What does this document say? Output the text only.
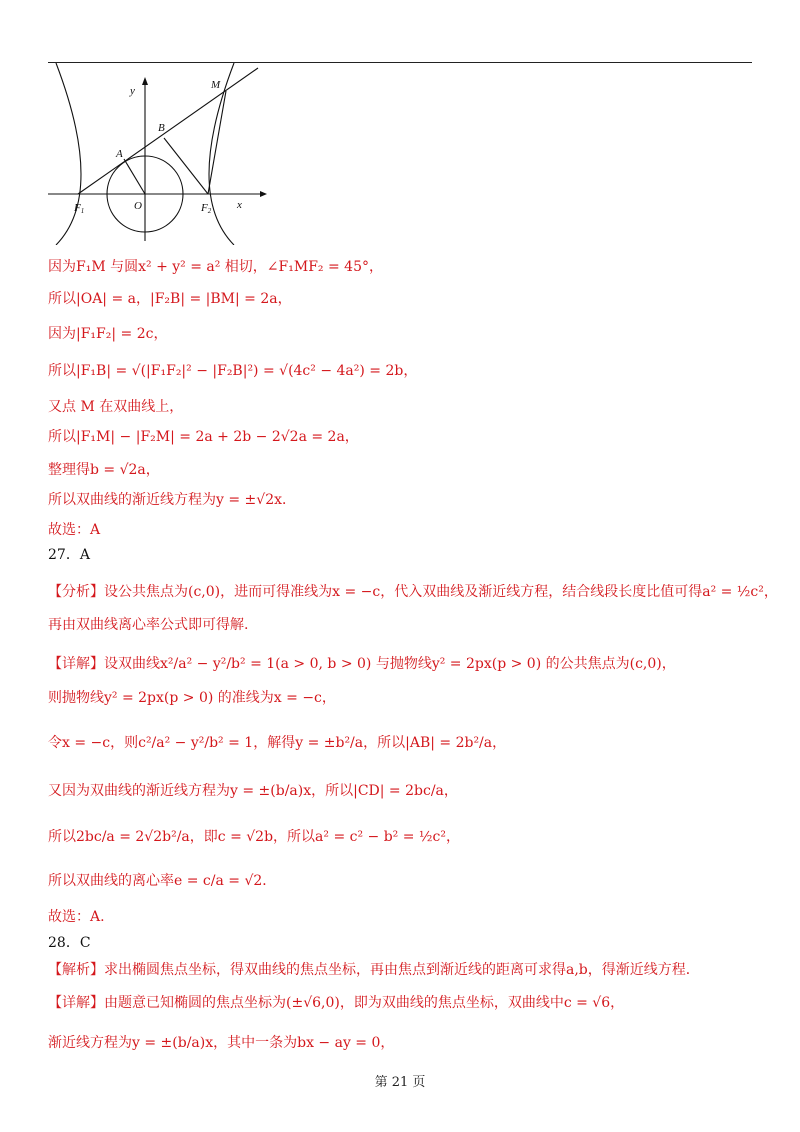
y	M
B
A
F1	O	F2 x
因为F₁M 与圆x² + y² = a² 相切，∠F₁MF₂ = 45°，
所以|OA| = a，|F₂B| = |BM| = 2a，
因为|F₁F₂| = 2c，
所以|F₁B| = √(|F₁F₂|² − |F₂B|²) = √(4c² − 4a²) = 2b，
又点 M 在双曲线上，
所以|F₁M| − |F₂M| = 2a + 2b − 2√2a = 2a，
整理得b = √2a，
所以双曲线的渐近线方程为y = ±√2x．
故选：A
27．A
【分析】设公共焦点为(c,0)，进而可得准线为x = −c，代入双曲线及渐近线方程，结合线段长度比值可得a² = ½c²，
再由双曲线离心率公式即可得解.
【详解】设双曲线x²/a² − y²/b² = 1(a > 0, b > 0) 与抛物线y² = 2px(p > 0) 的公共焦点为(c,0)，
则抛物线y² = 2px(p > 0) 的准线为x = −c，
令x = −c，则c²/a² − y²/b² = 1，解得y = ±b²/a，所以|AB| = 2b²/a，
又因为双曲线的渐近线方程为y = ±(b/a)x，所以|CD| = 2bc/a，
所以2bc/a = 2√2b²/a，即c = √2b，所以a² = c² − b² = ½c²，
所以双曲线的离心率e = c/a = √2．
故选：A.
28．C
【解析】求出椭圆焦点坐标，得双曲线的焦点坐标，再由焦点到渐近线的距离可求得a,b，得渐近线方程．
【详解】由题意已知椭圆的焦点坐标为(±√6,0)，即为双曲线的焦点坐标，双曲线中c = √6，
渐近线方程为y = ±(b/a)x，其中一条为bx − ay = 0，
第 21 页
